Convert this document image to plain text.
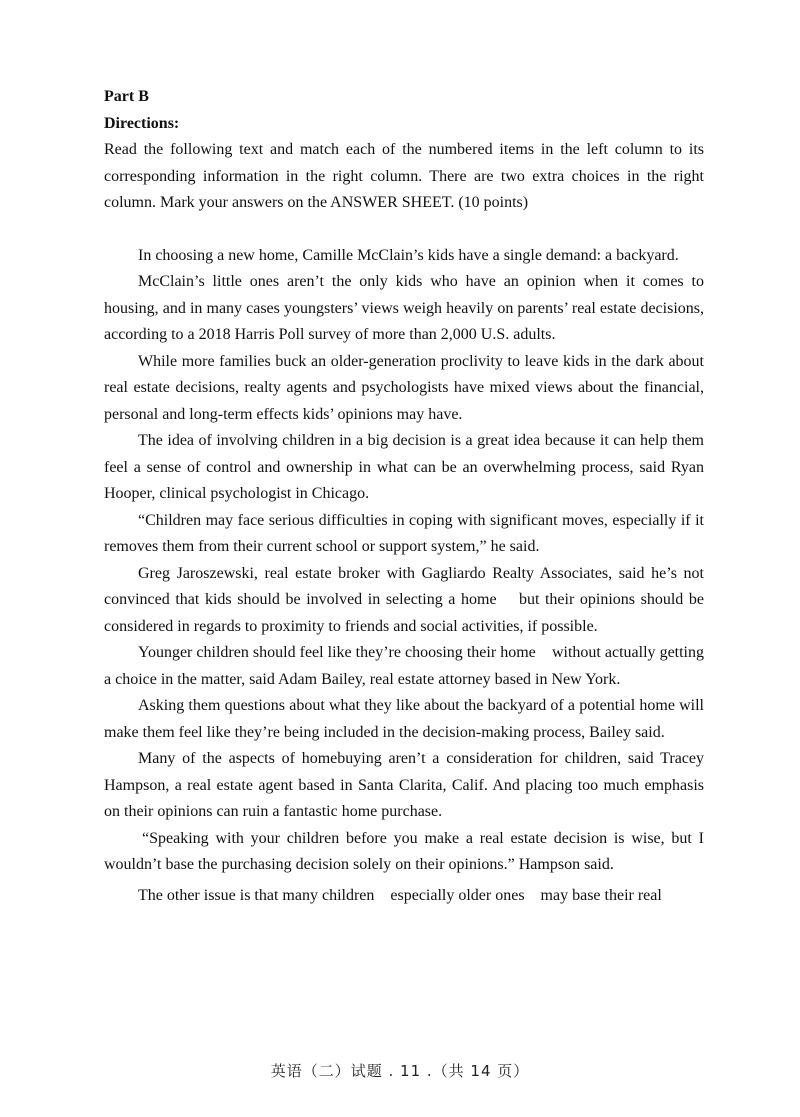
Part B

Directions:

Read the following text and match each of the numbered items in the left column to its corresponding information in the right column. There are two extra choices in the right column. Mark your answers on the ANSWER SHEET. (10 points)

In choosing a new home, Camille McClain’s kids have a single demand: a backyard.

McClain’s little ones aren’t the only kids who have an opinion when it comes to housing, and in many cases youngsters’ views weigh heavily on parents’ real estate decisions, according to a 2018 Harris Poll survey of more than 2,000 U.S. adults.

While more families buck an older-generation proclivity to leave kids in the dark about real estate decisions, realty agents and psychologists have mixed views about the financial, personal and long-term effects kids’ opinions may have.

The idea of involving children in a big decision is a great idea because it can help them feel a sense of control and ownership in what can be an overwhelming process, said Ryan Hooper, clinical psychologist in Chicago.

“Children may face serious difficulties in coping with significant moves, especially if it removes them from their current school or support system,” he said.

Greg Jaroszewski, real estate broker with Gagliardo Realty Associates, said he’s not convinced that kids should be involved in selecting a home    but their opinions should be considered in regards to proximity to friends and social activities, if possible.

Younger children should feel like they’re choosing their home    without actually getting a choice in the matter, said Adam Bailey, real estate attorney based in New York.

Asking them questions about what they like about the backyard of a potential home will make them feel like they’re being included in the decision-making process, Bailey said.

Many of the aspects of homebuying aren’t a consideration for children, said Tracey Hampson, a real estate agent based in Santa Clarita, Calif. And placing too much emphasis on their opinions can ruin a fantastic home purchase.

“Speaking with your children before you make a real estate decision is wise, but I wouldn’t base the purchasing decision solely on their opinions.” Hampson said.

The other issue is that many children    especially older ones    may base their real

英语（二）试题 . 11 .（共 14 页）
